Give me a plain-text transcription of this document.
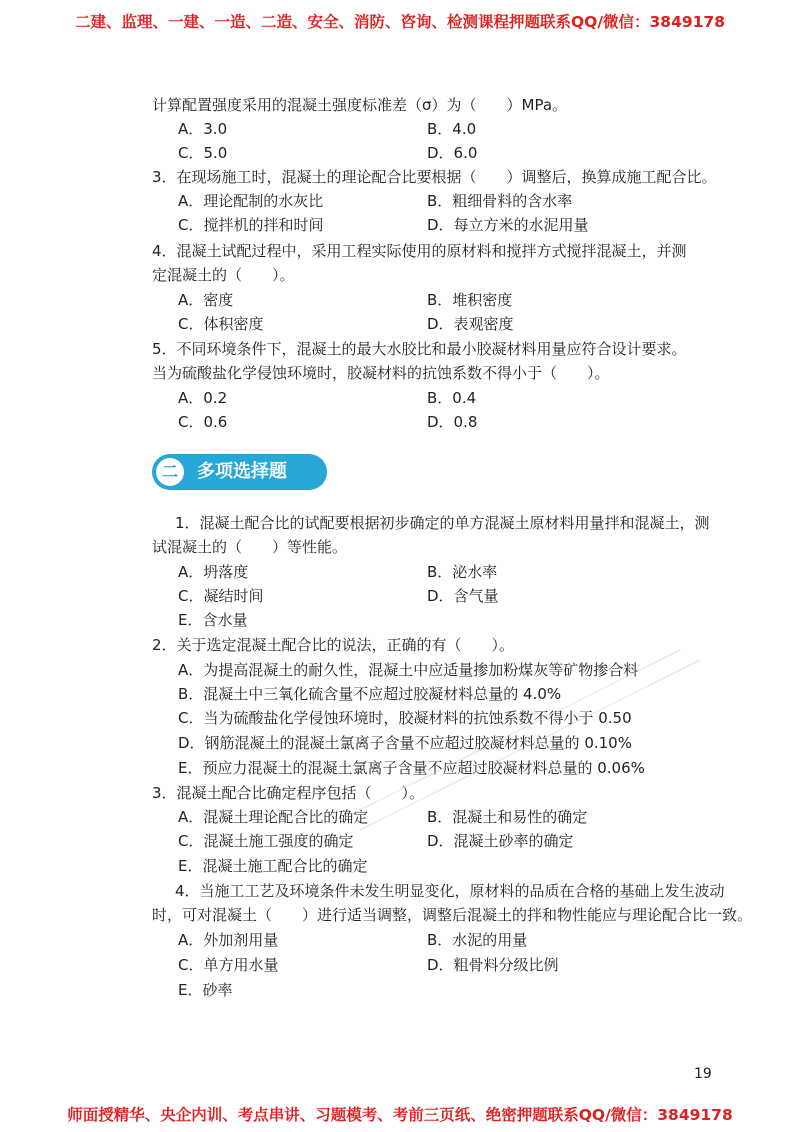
二建、监理、一建、一造、二造、安全、消防、咨询、检测课程押题联系QQ/微信：3849178
计算配置强度采用的混凝土强度标准差（σ）为（　　）MPa。
A．3.0	B．4.0
C．5.0	D．6.0
3．在现场施工时，混凝土的理论配合比要根据（　　）调整后，换算成施工配合比。
A．理论配制的水灰比	B．粗细骨料的含水率
C．搅拌机的拌和时间	D．每立方米的水泥用量
4．混凝土试配过程中，采用工程实际使用的原材料和搅拌方式搅拌混凝土，并测
定混凝土的（　　）。
A．密度	B．堆积密度
C．体积密度	D．表观密度
5．不同环境条件下，混凝土的最大水胶比和最小胶凝材料用量应符合设计要求。
当为硫酸盐化学侵蚀环境时，胶凝材料的抗蚀系数不得小于（　　）。
A．0.2	B．0.4
C．0.6	D．0.8
二	多项选择题
1．混凝土配合比的试配要根据初步确定的单方混凝土原材料用量拌和混凝土，测
试混凝土的（　　）等性能。
A．坍落度	B．泌水率
C．凝结时间	D．含气量
E．含水量
2．关于选定混凝土配合比的说法，正确的有（　　）。
A．为提高混凝土的耐久性，混凝土中应适量掺加粉煤灰等矿物掺合料
B．混凝土中三氧化硫含量不应超过胶凝材料总量的 4.0%
C．当为硫酸盐化学侵蚀环境时，胶凝材料的抗蚀系数不得小于 0.50
D．钢筋混凝土的混凝土氯离子含量不应超过胶凝材料总量的 0.10%
E．预应力混凝土的混凝土氯离子含量不应超过胶凝材料总量的 0.06%
3．混凝土配合比确定程序包括（　　）。
A．混凝土理论配合比的确定	B．混凝土和易性的确定
C．混凝土施工强度的确定	D．混凝土砂率的确定
E．混凝土施工配合比的确定
4．当施工工艺及环境条件未发生明显变化，原材料的品质在合格的基础上发生波动
时，可对混凝土（　　）进行适当调整，调整后混凝土的拌和物性能应与理论配合比一致。
A．外加剂用量	B．水泥的用量
C．单方用水量	D．粗骨料分级比例
E．砂率
19
师面授精华、央企内训、考点串讲、习题模考、考前三页纸、绝密押题联系QQ/微信：3849178
